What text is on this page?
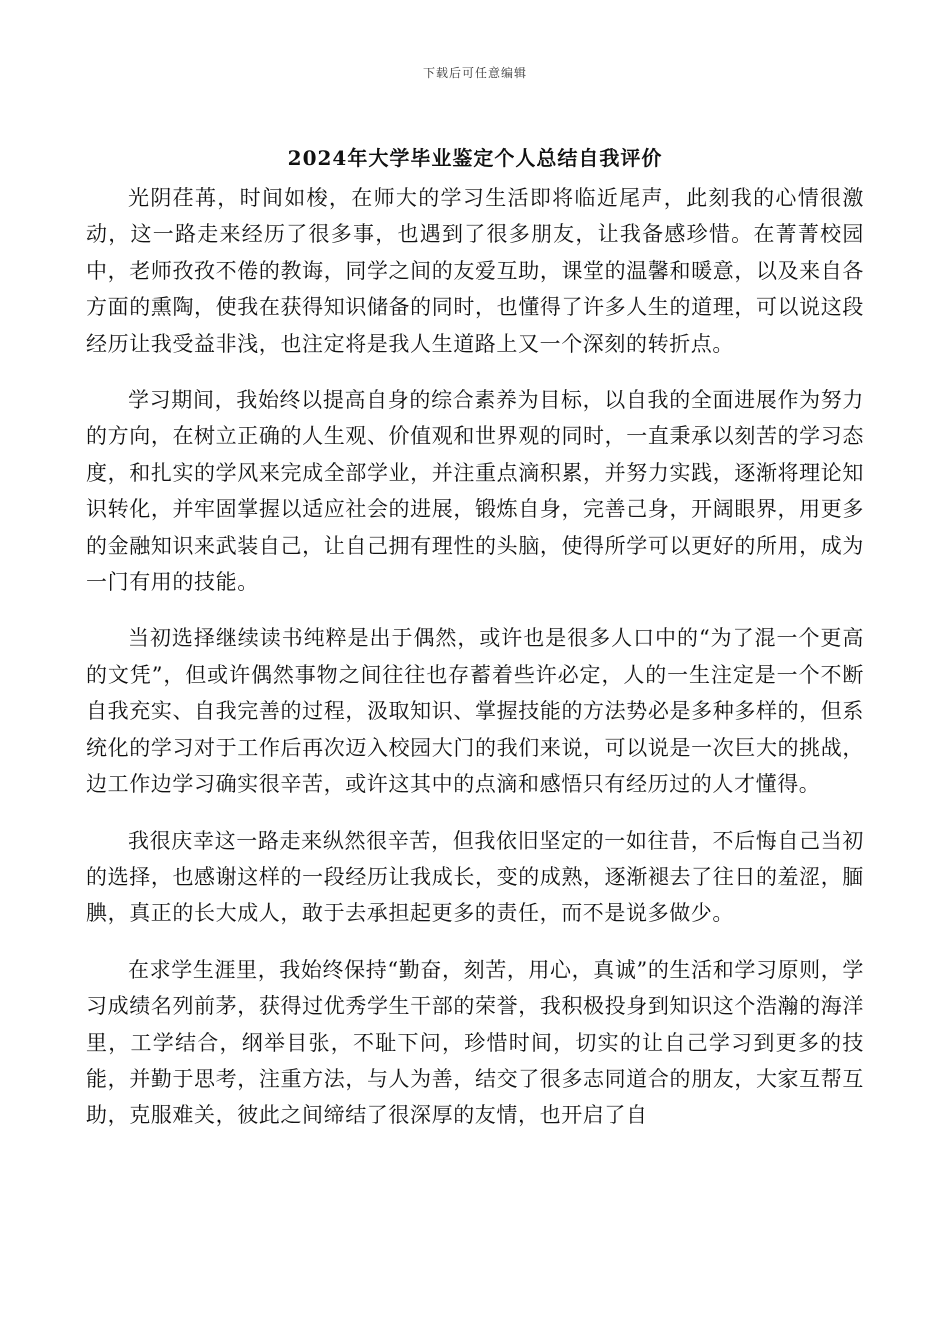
下载后可任意编辑
2024年大学毕业鉴定个人总结自我评价

光阴荏苒，时间如梭，在师大的学习生活即将临近尾声，此刻我的心情很激动，这一路走来经历了很多事，也遇到了很多朋友，让我备感珍惜。在菁菁校园中，老师孜孜不倦的教诲，同学之间的友爱互助，课堂的温馨和暖意，以及来自各方面的熏陶，使我在获得知识储备的同时，也懂得了许多人生的道理，可以说这段经历让我受益非浅，也注定将是我人生道路上又一个深刻的转折点。

学习期间，我始终以提高自身的综合素养为目标，以自我的全面进展作为努力的方向，在树立正确的人生观、价值观和世界观的同时，一直秉承以刻苦的学习态度，和扎实的学风来完成全部学业，并注重点滴积累，并努力实践，逐渐将理论知识转化，并牢固掌握以适应社会的进展，锻炼自身，完善己身，开阔眼界，用更多的金融知识来武装自己，让自己拥有理性的头脑，使得所学可以更好的所用，成为一门有用的技能。

当初选择继续读书纯粹是出于偶然，或许也是很多人口中的“为了混一个更高的文凭”，但或许偶然事物之间往往也存蓄着些许必定，人的一生注定是一个不断自我充实、自我完善的过程，汲取知识、掌握技能的方法势必是多种多样的，但系统化的学习对于工作后再次迈入校园大门的我们来说，可以说是一次巨大的挑战，边工作边学习确实很辛苦，或许这其中的点滴和感悟只有经历过的人才懂得。

我很庆幸这一路走来纵然很辛苦，但我依旧坚定的一如往昔，不后悔自己当初的选择，也感谢这样的一段经历让我成长，变的成熟，逐渐褪去了往日的羞涩，腼腆，真正的长大成人，敢于去承担起更多的责任，而不是说多做少。

在求学生涯里，我始终保持“勤奋，刻苦，用心，真诚”的生活和学习原则，学习成绩名列前茅，获得过优秀学生干部的荣誉，我积极投身到知识这个浩瀚的海洋里，工学结合，纲举目张，不耻下问，珍惜时间，切实的让自己学习到更多的技能，并勤于思考，注重方法，与人为善，结交了很多志同道合的朋友，大家互帮互助，克服难关，彼此之间缔结了很深厚的友情，也开启了自
